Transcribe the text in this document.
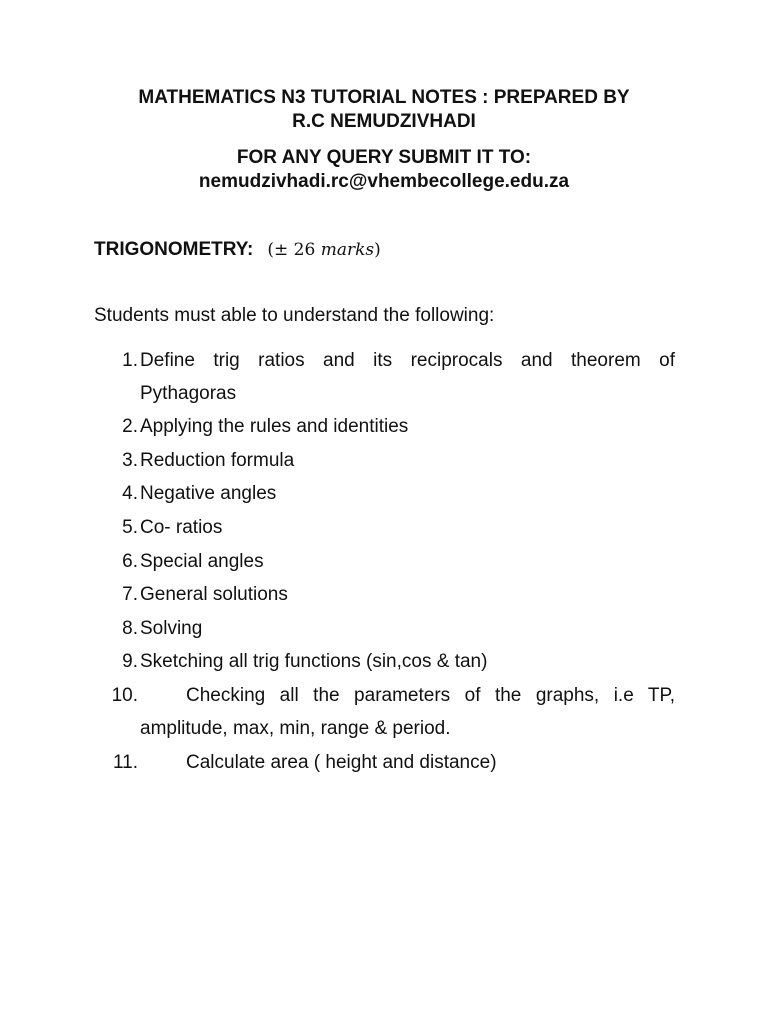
MATHEMATICS N3 TUTORIAL NOTES : PREPARED BY
R.C NEMUDZIVHADI
FOR ANY QUERY SUBMIT IT TO:
nemudzivhadi.rc@vhembecollege.edu.za
TRIGONOMETRY: (± 26 marks)
Students must able to understand the following:
1. Define trig ratios and its reciprocals and theorem of
Pythagoras
2. Applying the rules and identities
3. Reduction formula
4. Negative angles
5. Co- ratios
6. Special angles
7. General solutions
8. Solving
9. Sketching all trig functions (sin,cos & tan)
10.	Checking all the parameters of the graphs, i.e TP,
amplitude, max, min, range & period.
11.	Calculate area ( height and distance)
